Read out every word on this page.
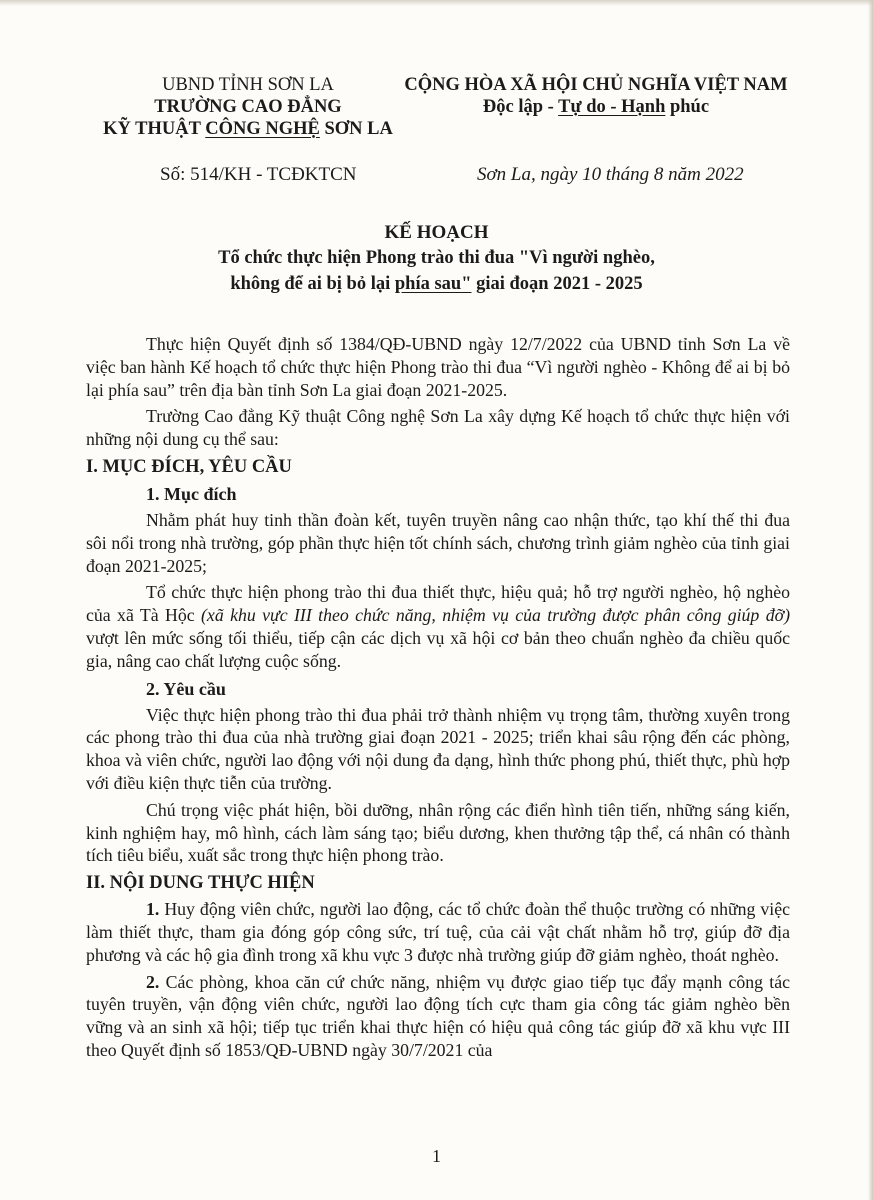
UBND TỈNH SƠN LA
TRƯỜNG CAO ĐẲNG
KỸ THUẬT CÔNG NGHỆ SƠN LA
CỘNG HÒA XÃ HỘI CHỦ NGHĨA VIỆT NAM
Độc lập - Tự do - Hạnh phúc
Số: 514/KH - TCĐKTCN	Sơn La, ngày 10 tháng 8 năm 2022
KẾ HOẠCH
Tổ chức thực hiện Phong trào thi đua "Vì người nghèo,
không để ai bị bỏ lại phía sau" giai đoạn 2021 - 2025

Thực hiện Quyết định số 1384/QĐ-UBND ngày 12/7/2022 của UBND tỉnh Sơn La về việc ban hành Kế hoạch tổ chức thực hiện Phong trào thi đua “Vì người nghèo - Không để ai bị bỏ lại phía sau” trên địa bàn tỉnh Sơn La giai đoạn 2021-2025.

Trường Cao đẳng Kỹ thuật Công nghệ Sơn La xây dựng Kế hoạch tổ chức thực hiện với những nội dung cụ thể sau:

I. MỤC ĐÍCH, YÊU CẦU
1. Mục đích

Nhằm phát huy tinh thần đoàn kết, tuyên truyền nâng cao nhận thức, tạo khí thế thi đua sôi nổi trong nhà trường, góp phần thực hiện tốt chính sách, chương trình giảm nghèo của tỉnh giai đoạn 2021-2025;

Tổ chức thực hiện phong trào thi đua thiết thực, hiệu quả; hỗ trợ người nghèo, hộ nghèo của xã Tà Hộc (xã khu vực III theo chức năng, nhiệm vụ của trường được phân công giúp đỡ) vượt lên mức sống tối thiểu, tiếp cận các dịch vụ xã hội cơ bản theo chuẩn nghèo đa chiều quốc gia, nâng cao chất lượng cuộc sống.

2. Yêu cầu

Việc thực hiện phong trào thi đua phải trở thành nhiệm vụ trọng tâm, thường xuyên trong các phong trào thi đua của nhà trường giai đoạn 2021 - 2025; triển khai sâu rộng đến các phòng, khoa và viên chức, người lao động với nội dung đa dạng, hình thức phong phú, thiết thực, phù hợp với điều kiện thực tiễn của trường.

Chú trọng việc phát hiện, bồi dưỡng, nhân rộng các điển hình tiên tiến, những sáng kiến, kinh nghiệm hay, mô hình, cách làm sáng tạo; biểu dương, khen thưởng tập thể, cá nhân có thành tích tiêu biểu, xuất sắc trong thực hiện phong trào.

II. NỘI DUNG THỰC HIỆN

1. Huy động viên chức, người lao động, các tổ chức đoàn thể thuộc trường có những việc làm thiết thực, tham gia đóng góp công sức, trí tuệ, của cải vật chất nhằm hỗ trợ, giúp đỡ địa phương và các hộ gia đình trong xã khu vực 3 được nhà trường giúp đỡ giảm nghèo, thoát nghèo.

2. Các phòng, khoa căn cứ chức năng, nhiệm vụ được giao tiếp tục đẩy mạnh công tác tuyên truyền, vận động viên chức, người lao động tích cực tham gia công tác giảm nghèo bền vững và an sinh xã hội; tiếp tục triển khai thực hiện có hiệu quả công tác giúp đỡ xã khu vực III theo Quyết định số 1853/QĐ-UBND ngày 30/7/2021 của

1
